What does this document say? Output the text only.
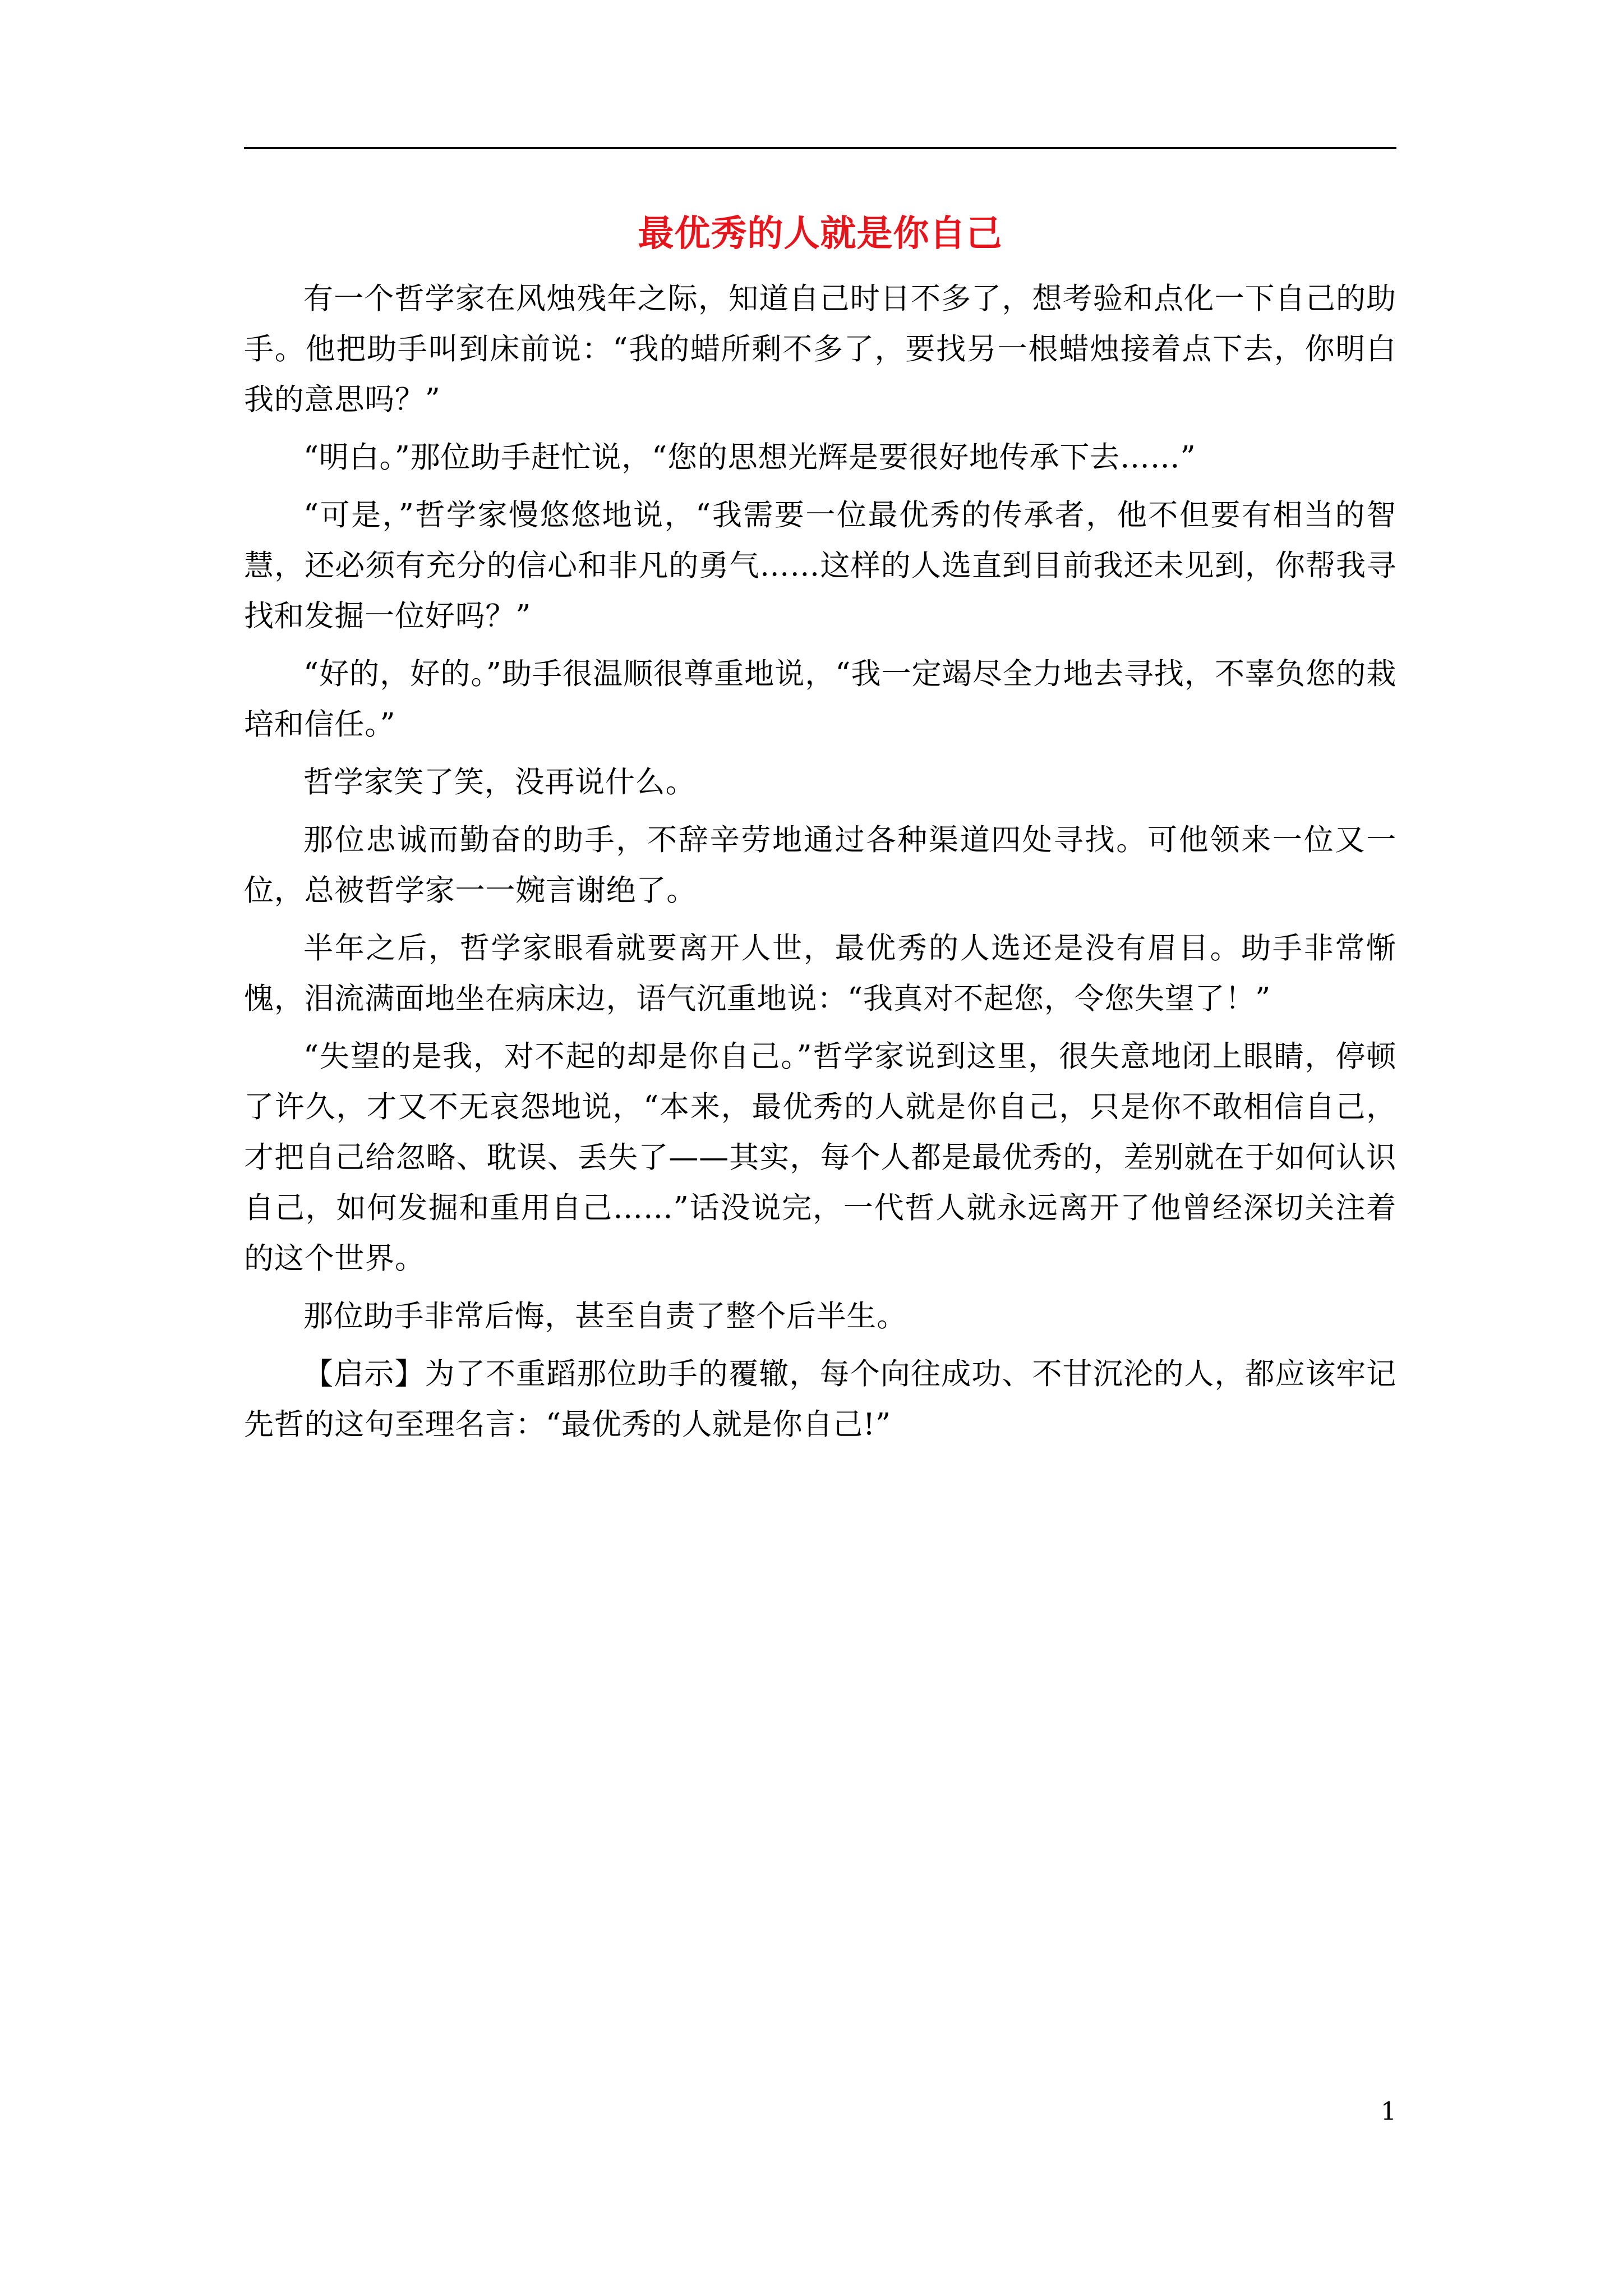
最优秀的人就是你自己

有一个哲学家在风烛残年之际，知道自己时日不多了，想考验和点化一下自己的助手。他把助手叫到床前说：“我的蜡所剩不多了，要找另一根蜡烛接着点下去，你明白我的意思吗？”

“明白。”那位助手赶忙说，“您的思想光辉是要很好地传承下去……”

“可是，”哲学家慢悠悠地说，“我需要一位最优秀的传承者，他不但要有相当的智慧，还必须有充分的信心和非凡的勇气……这样的人选直到目前我还未见到，你帮我寻找和发掘一位好吗？”

“好的，好的。”助手很温顺很尊重地说，“我一定竭尽全力地去寻找，不辜负您的栽培和信任。”

哲学家笑了笑，没再说什么。

那位忠诚而勤奋的助手，不辞辛劳地通过各种渠道四处寻找。可他领来一位又一位，总被哲学家一一婉言谢绝了。

半年之后，哲学家眼看就要离开人世，最优秀的人选还是没有眉目。助手非常惭愧，泪流满面地坐在病床边，语气沉重地说：“我真对不起您，令您失望了！”

“失望的是我，对不起的却是你自己。”哲学家说到这里，很失意地闭上眼睛，停顿了许久，才又不无哀怨地说，“本来，最优秀的人就是你自己，只是你不敢相信自己，才把自己给忽略、耽误、丢失了——其实，每个人都是最优秀的，差别就在于如何认识自己，如何发掘和重用自己……”话没说完，一代哲人就永远离开了他曾经深切关注着的这个世界。

那位助手非常后悔，甚至自责了整个后半生。

【启示】为了不重蹈那位助手的覆辙，每个向往成功、不甘沉沦的人，都应该牢记先哲的这句至理名言：“最优秀的人就是你自己!”

1
